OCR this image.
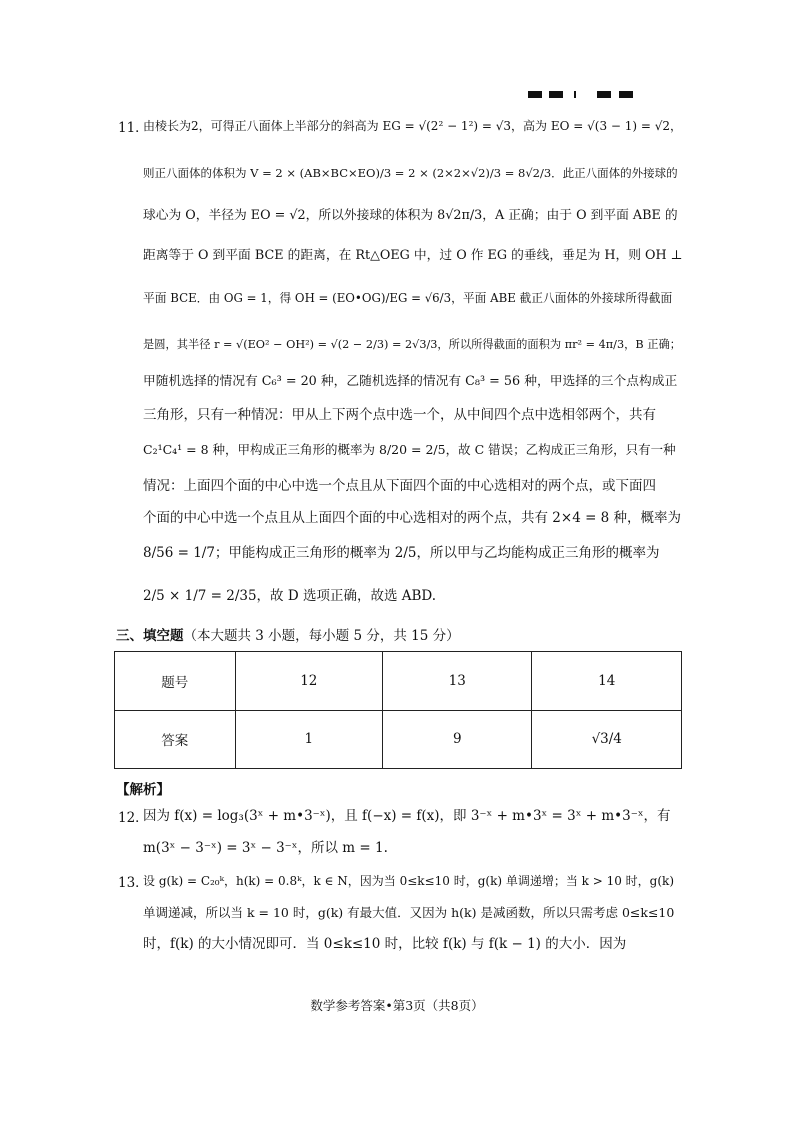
11．
由棱长为2，可得正八面体上半部分的斜高为 EG = √(2² − 1²) = √3，高为 EO = √(3 − 1) = √2，
则正八面体的体积为 V = 2 × (AB×BC×EO)/3 = 2 × (2×2×√2)/3 = 8√2/3．此正八面体的外接球的
球心为 O，半径为 EO = √2，所以外接球的体积为 8√2π/3，A 正确；由于 O 到平面 ABE 的
距离等于 O 到平面 BCE 的距离，在 Rt△OEG 中，过 O 作 EG 的垂线，垂足为 H，则 OH ⊥
平面 BCE．由 OG = 1，得 OH = (EO•OG)/EG = √6/3，平面 ABE 截正八面体的外接球所得截面
是圆，其半径 r = √(EO² − OH²) = √(2 − 2/3) = 2√3/3，所以所得截面的面积为 πr² = 4π/3，B 正确；
甲随机选择的情况有 C₆³ = 20 种，乙随机选择的情况有 C₈³ = 56 种，甲选择的三个点构成正
三角形，只有一种情况：甲从上下两个点中选一个，从中间四个点中选相邻两个，共有
C₂¹C₄¹ = 8 种，甲构成正三角形的概率为 8/20 = 2/5，故 C 错误；乙构成正三角形，只有一种
情况：上面四个面的中心中选一个点且从下面四个面的中心选相对的两个点，或下面四
个面的中心中选一个点且从上面四个面的中心选相对的两个点，共有 2×4 = 8 种，概率为
8/56 = 1/7；甲能构成正三角形的概率为 2/5，所以甲与乙均能构成正三角形的概率为
2/5 × 1/7 = 2/35，故 D 选项正确，故选 ABD.
三、填空题（本大题共 3 小题，每小题 5 分，共 15 分）
题号	12	13	14
答案	1	9	√3/4
【解析】
12．
因为 f(x) = log₃(3ˣ + m•3⁻ˣ)，且 f(−x) = f(x)，即 3⁻ˣ + m•3ˣ = 3ˣ + m•3⁻ˣ，有
m(3ˣ − 3⁻ˣ) = 3ˣ − 3⁻ˣ，所以 m = 1.
13．
设 g(k) = C₂₀ᵏ，h(k) = 0.8ᵏ，k ∈ N，因为当 0≤k≤10 时，g(k) 单调递增；当 k > 10 时，g(k)
单调递减，所以当 k = 10 时，g(k) 有最大值．又因为 h(k) 是减函数，所以只需考虑 0≤k≤10
时，f(k) 的大小情况即可．当 0≤k≤10 时，比较 f(k) 与 f(k − 1) 的大小．因为
数学参考答案•第3页（共8页）
